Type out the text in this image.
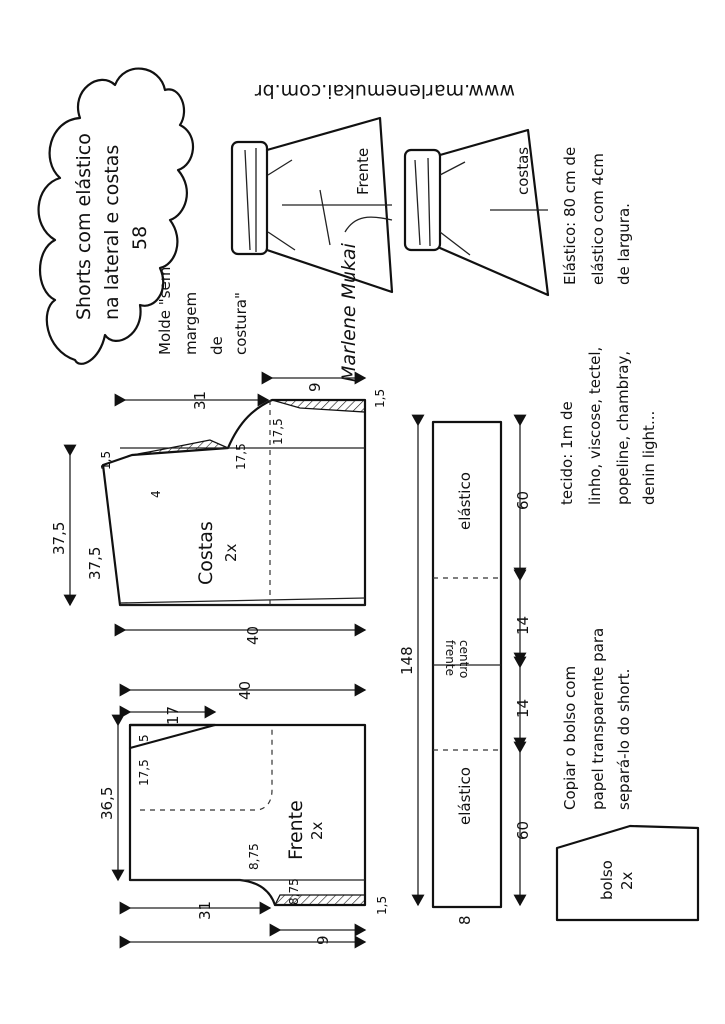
Shorts com elástico na lateral e costas 58
www.marlenemukai.com.br
Frente	costas
Molde "sem margem de costura"	Marlene Mukai
tecido: 1m de linho, viscose, tectel, popeline, chambray, denin light...
Elástico: 80 cm de elástico com 4cm de largura.
Copiar o bolso com papel transparente para separá-lo do short.
bolso 2x
Costas 2x
31
40
37,5
37,5
1,5
4
17,5
17,5
9
1,5
Frente 2x
40
17
5
17,5
36,5
8,75
8,75
31
9
1,5
148
8
60
14
14
60
elástico
elástico
centro
frente
